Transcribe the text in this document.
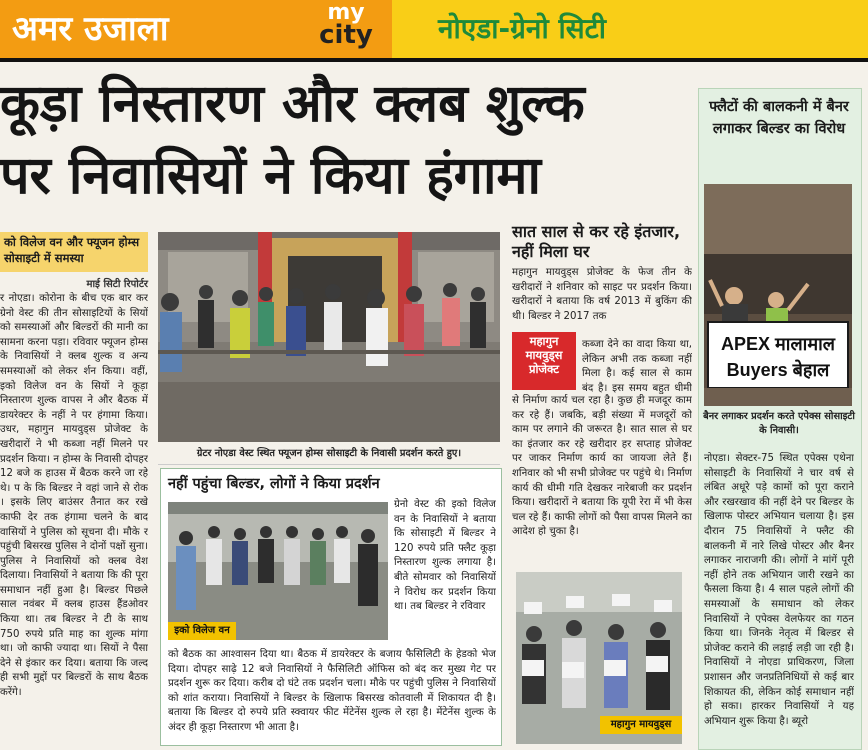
अमर उजाला	my
city	नोएडा-ग्रेनो सिटी
कूड़ा निस्तारण और क्लब शुल्क
पर निवासियों ने किया हंगामा
को विलेज वन और फ्यूजन होम्स सोसाइटी में समस्या
माई सिटी रिपोर्टर

र नोएडा। कोरोना के बीच एक बार कर ग्रेनो वेस्ट की तीन सोसाइटियों के सियों को समस्याओं और बिल्डरों की मानी का सामना करना पड़ा। रविवार फ्यूजन होम्स के निवासियों ने क्लब शुल्क व अन्य समस्याओं को लेकर र्शन किया। वहीं, इको विलेज वन के सियों ने कूड़ा निस्तारण शुल्क वापस ने और बैठक में डायरेक्टर के नहीं ने पर हंगामा किया। उधर, महागुन मायवुड्स प्रोजेक्ट के खरीदारों ने भी कब्जा नहीं मिलने पर प्रदर्शन किया। न होम्स के निवासी दोपहर 12 बजे क हाउस में बैठक करने जा रहे थे। प के कि बिल्डर ने वहां जाने से रोक । इसके लिए बाउंसर तैनात कर रखे काफी देर तक हंगामा चलने के बाद वासियों ने पुलिस को सूचना दी। मौके र पहुंची बिसरख पुलिस ने दोनों पक्षों सुना। पुलिस ने निवासियों को क्लब वेश दिलाया। निवासियों ने बताया कि की पूरा समाधान नहीं हुआ है। बिल्डर पिछले साल नवंबर में क्लब हाउस हैंडओवर किया था। तब बिल्डर ने टी के साथ 750 रुपये प्रति माह का शुल्क मांगा था। जो काफी ज्यादा था। सियों ने पैसा देने से इंकार कर दिया। बताया कि जल्द ही सभी मुद्दों पर बिल्डरों के साथ बैठक करेंगे।

ग्रेटर नोएडा वेस्ट स्थित फ्यूजन होम्स सोसाइटी के निवासी प्रदर्शन करते हुए।
नहीं पहुंचा बिल्डर, लोगों ने किया प्रदर्शन
इको विलेज वन

ग्रेनो वेस्ट की इको विलेज वन के निवासियों ने बताया कि सोसाइटी में बिल्डर ने 120 रुपये प्रति फ्लैट कूड़ा निस्तारण शुल्क लगाया है। बीते सोमवार को निवासियों ने विरोध कर प्रदर्शन किया था। तब बिल्डर ने रविवार

को बैठक का आश्वासन दिया था। बैठक में डायरेक्टर के बजाय फैसिलिटी के हेडको भेज दिया। दोपहर साढ़े 12 बजे निवासियों ने फैसिलिटी ऑफिस को बंद कर मुख्य गेट पर प्रदर्शन शुरू कर दिया। करीब दो घंटे तक प्रदर्शन चला। मौके पर पहुंची पुलिस ने निवासियों को शांत कराया। निवासियों ने बिल्डर के खिलाफ बिसरख कोतवाली में शिकायत दी है। बताया कि बिल्डर दो रुपये प्रति स्क्वायर फीट मेंटेनेंस शुल्क ले रहा है। मेंटेनेंस शुल्क के अंदर ही कूड़ा निस्तारण भी आता है।

सात साल से कर रहे इंतजार, नहीं मिला घर

महागुन मायवुड्स प्रोजेक्ट के फेज तीन के खरीदारों ने शनिवार को साइट पर प्रदर्शन किया। खरीदारों ने बताया कि वर्ष 2013 में बुकिंग की थी। बिल्डर ने 2017 तक

महागुन मायवुड्स प्रोजेक्ट

कब्जा देने का वादा किया था, लेकिन अभी तक कब्जा नहीं मिला है। कई साल से काम बंद है। इस समय बहुत धीमी

से निर्माण कार्य चल रहा है। कुछ ही मजदूर काम कर रहे हैं। जबकि, बड़ी संख्या में मजदूरों को काम पर लगाने की जरूरत है। सात साल से घर का इंतजार कर रहे खरीदार हर सप्ताह प्रोजेक्ट पर जाकर निर्माण कार्य का जायजा लेते हैं। शनिवार को भी सभी प्रोजेक्ट पर पहुंचे थे। निर्माण कार्य की धीमी गति देखकर नारेबाजी कर प्रदर्शन किया। खरीदारों ने बताया कि यूपी रेरा में भी केस चल रहे हैं। काफी लोगों को पैसा वापस मिलने का आदेश हो चुका है।

महागुन मायवुड्स
फ्लैटों की बालकनी में बैनर लगाकर बिल्डर का विरोध
APEX मालामाल
Buyers बेहाल
बैनर लगाकर प्रदर्शन करते एपेक्स सोसाइटी के निवासी।

नोएडा। सेक्टर-75 स्थित एपेक्स एथेना सोसाइटी के निवासियों ने चार वर्ष से लंबित अधूरे पड़े कामों को पूरा कराने और रखरखाव की नहीं देने पर बिल्डर के खिलाफ पोस्टर अभियान चलाया है। इस दौरान 75 निवासियों ने फ्लैट की बालकनी में नारे लिखे पोस्टर और बैनर लगाकर नाराजगी की। लोगों ने मांगें पूरी नहीं होने तक अभियान जारी रखने का फैसला किया है। 4 साल पहले लोगों की समस्याओं के समाधान को लेकर निवासियों ने एपेक्स वेलफेयर का गठन किया था। जिनके नेतृत्व में बिल्डर से प्रोजेक्ट कराने की लड़ाई लड़ी जा रही है। निवासियों ने नोएडा प्राधिकरण, जिला प्रशासन और जनप्रतिनिधियों से कई बार शिकायत की, लेकिन कोई समाधान नहीं हो सका। हारकर निवासियों ने यह अभियान शुरू किया है। ब्यूरो
